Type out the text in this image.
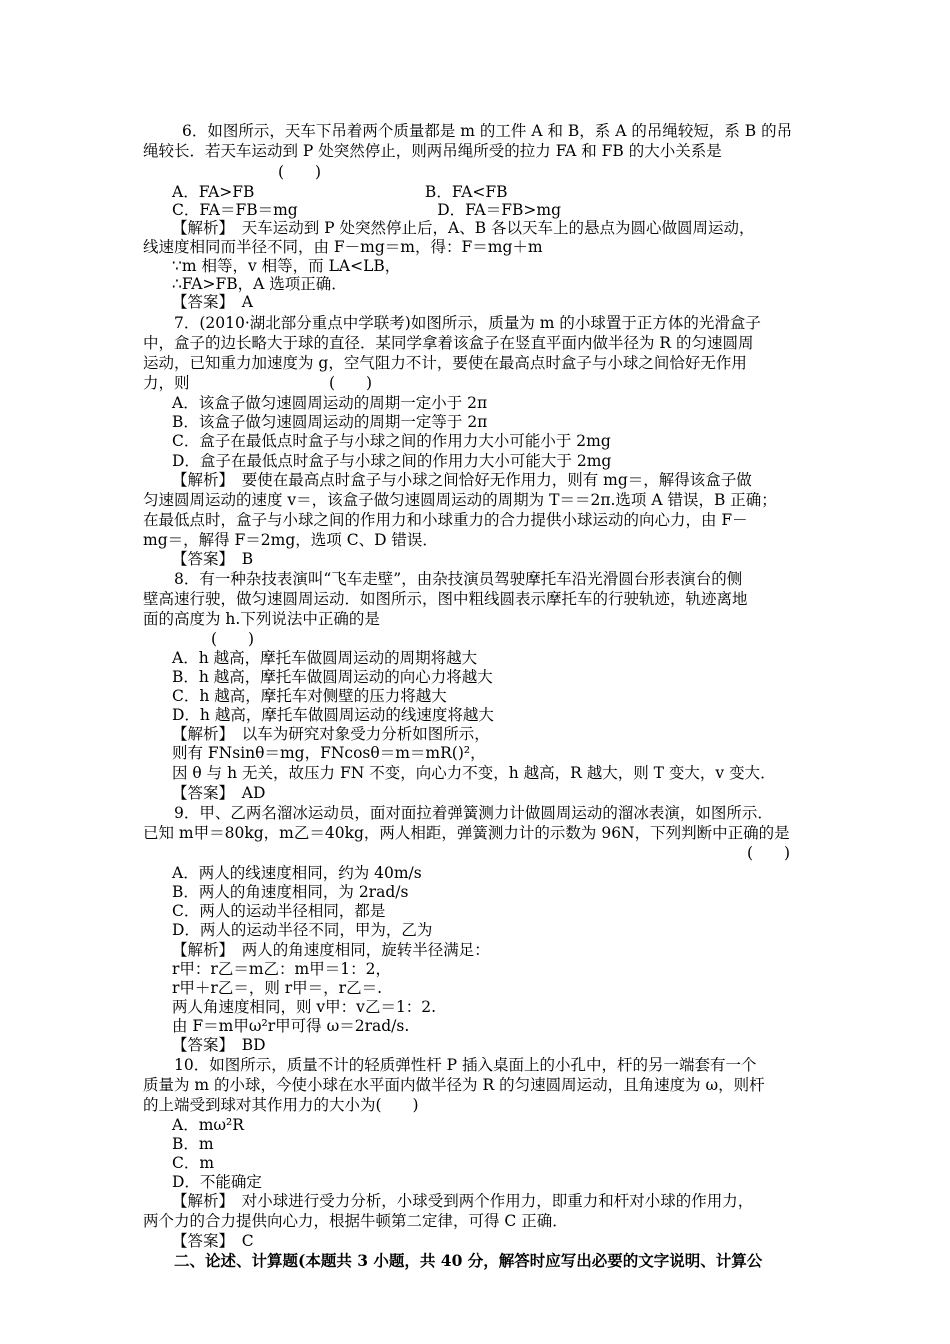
　　6．如图所示，天车下吊着两个质量都是 m 的工件 A 和 B，系 A 的吊绳较短，系 B 的吊
绳较长．若天车运动到 P 处突然停止，则两吊绳所受的拉力 FA 和 FB 的大小关系是
(　　)
A．FA>FB　　　　　　　　　　　B．FA<FB
C．FA＝FB＝mg　　　　　　　　　D．FA＝FB>mg
【解析】　天车运动到 P 处突然停止后，A、B 各以天车上的悬点为圆心做圆周运动，
线速度相同而半径不同，由 F－mg＝m，得：F＝mg＋m
∵m 相等，v 相等，而 LA<LB，
∴FA>FB，A 选项正确．
【答案】　A
　　7．(2010·湖北部分重点中学联考)如图所示，质量为 m 的小球置于正方体的光滑盒子
中，盒子的边长略大于球的直径．某同学拿着该盒子在竖直平面内做半径为 R 的匀速圆周
运动，已知重力加速度为 g，空气阻力不计，要使在最高点时盒子与小球之间恰好无作用
力，则　　　　　　　　　(　　)
A．该盒子做匀速圆周运动的周期一定小于 2π
B．该盒子做匀速圆周运动的周期一定等于 2π
C．盒子在最低点时盒子与小球之间的作用力大小可能小于 2mg
D．盒子在最低点时盒子与小球之间的作用力大小可能大于 2mg
【解析】　要使在最高点时盒子与小球之间恰好无作用力，则有 mg＝，解得该盒子做
匀速圆周运动的速度 v＝，该盒子做匀速圆周运动的周期为 T＝＝2π.选项 A 错误，B 正确；
在最低点时，盒子与小球之间的作用力和小球重力的合力提供小球运动的向心力，由 F－
mg＝，解得 F＝2mg，选项 C、D 错误．
【答案】　B
　　8．有一种杂技表演叫“飞车走壁”，由杂技演员驾驶摩托车沿光滑圆台形表演台的侧
壁高速行驶，做匀速圆周运动．如图所示，图中粗线圆表示摩托车的行驶轨迹，轨迹离地
面的高度为 h.下列说法中正确的是
(　　)
A．h 越高，摩托车做圆周运动的周期将越大
B．h 越高，摩托车做圆周运动的向心力将越大
C．h 越高，摩托车对侧壁的压力将越大
D．h 越高，摩托车做圆周运动的线速度将越大
【解析】　以车为研究对象受力分析如图所示，
则有 FNsinθ＝mg，FNcosθ＝m＝mR()²，
因 θ 与 h 无关，故压力 FN 不变，向心力不变，h 越高，R 越大，则 T 变大，v 变大．
【答案】　AD
　　9．甲、乙两名溜冰运动员，面对面拉着弹簧测力计做圆周运动的溜冰表演，如图所示．
已知 m甲＝80kg，m乙＝40kg，两人相距，弹簧测力计的示数为 96N，下列判断中正确的是
(　　)
A．两人的线速度相同，约为 40m/s
B．两人的角速度相同，为 2rad/s
C．两人的运动半径相同，都是
D．两人的运动半径不同，甲为，乙为
【解析】　两人的角速度相同，旋转半径满足：
r甲：r乙＝m乙：m甲＝1：2，
r甲＋r乙＝，则 r甲＝，r乙＝.
两人角速度相同，则 v甲：v乙＝1：2.
由 F＝m甲ω²r甲可得 ω＝2rad/s.
【答案】　BD
　　10．如图所示，质量不计的轻质弹性杆 P 插入桌面上的小孔中，杆的另一端套有一个
质量为 m 的小球，今使小球在水平面内做半径为 R 的匀速圆周运动，且角速度为 ω，则杆
的上端受到球对其作用力的大小为(　　)
A．mω²R
B．m
C．m
D．不能确定
【解析】　对小球进行受力分析，小球受到两个作用力，即重力和杆对小球的作用力，
两个力的合力提供向心力，根据牛顿第二定律，可得 C 正确．
【答案】　C
　　二、论述、计算题(本题共 3 小题，共 40 分，解答时应写出必要的文字说明、计算公
